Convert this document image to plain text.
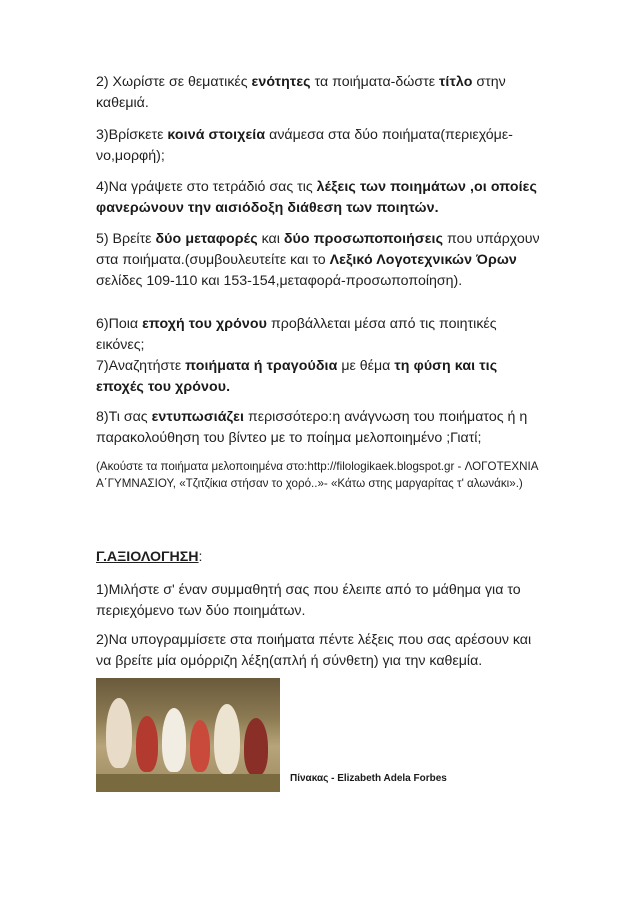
2) Χωρίστε σε θεματικές ενότητες τα ποιήματα-δώστε τίτλο στην καθεμιά.
3)Βρίσκετε κοινά στοιχεία ανάμεσα στα δύο ποιήματα(περιεχόμε-νο,μορφή);
4)Να γράψετε στο τετράδιό σας τις λέξεις των ποιημάτων ,οι οποίες φανερώνουν την αισιόδοξη διάθεση των ποιητών.
5) Βρείτε δύο μεταφορές και δύο προσωποποιήσεις που υπάρχουν στα ποιήματα.(συμβουλευτείτε και το Λεξικό Λογοτεχνικών Όρων σελίδες 109-110 και 153-154,μεταφορά-προσωποποίηση).
6)Ποια εποχή του χρόνου προβάλλεται μέσα από τις ποιητικές εικόνες;
7)Αναζητήστε ποιήματα ή τραγούδια με θέμα τη φύση και τις εποχές του χρόνου.
8)Τι σας εντυπωσιάζει περισσότερο:η ανάγνωση του ποιήματος ή η παρακολούθηση του βίντεο με το ποίημα μελοποιημένο ;Γιατί;
(Ακούστε τα ποιήματα μελοποιημένα στο:http://filologikaek.blogspot.gr - ΛΟΓΟΤΕΧΝΙΑ Α΄ΓΥΜΝΑΣΙΟΥ, «Τζιτζίκια στήσαν το χορό..»- «Κάτω στης μαργαρίτας τ' αλωνάκι».)
Γ.ΑΞΙΟΛΟΓΗΣΗ:
1)Μιλήστε σ' έναν συμμαθητή σας που έλειπε από το μάθημα για το περιεχόμενο των δύο ποιημάτων.
2)Να υπογραμμίσετε στα ποιήματα πέντε λέξεις που σας αρέσουν και να βρείτε μία ομόρριζη λέξη(απλή ή σύνθετη) για την καθεμία.
Πίνακας - Elizabeth Adela Forbes
